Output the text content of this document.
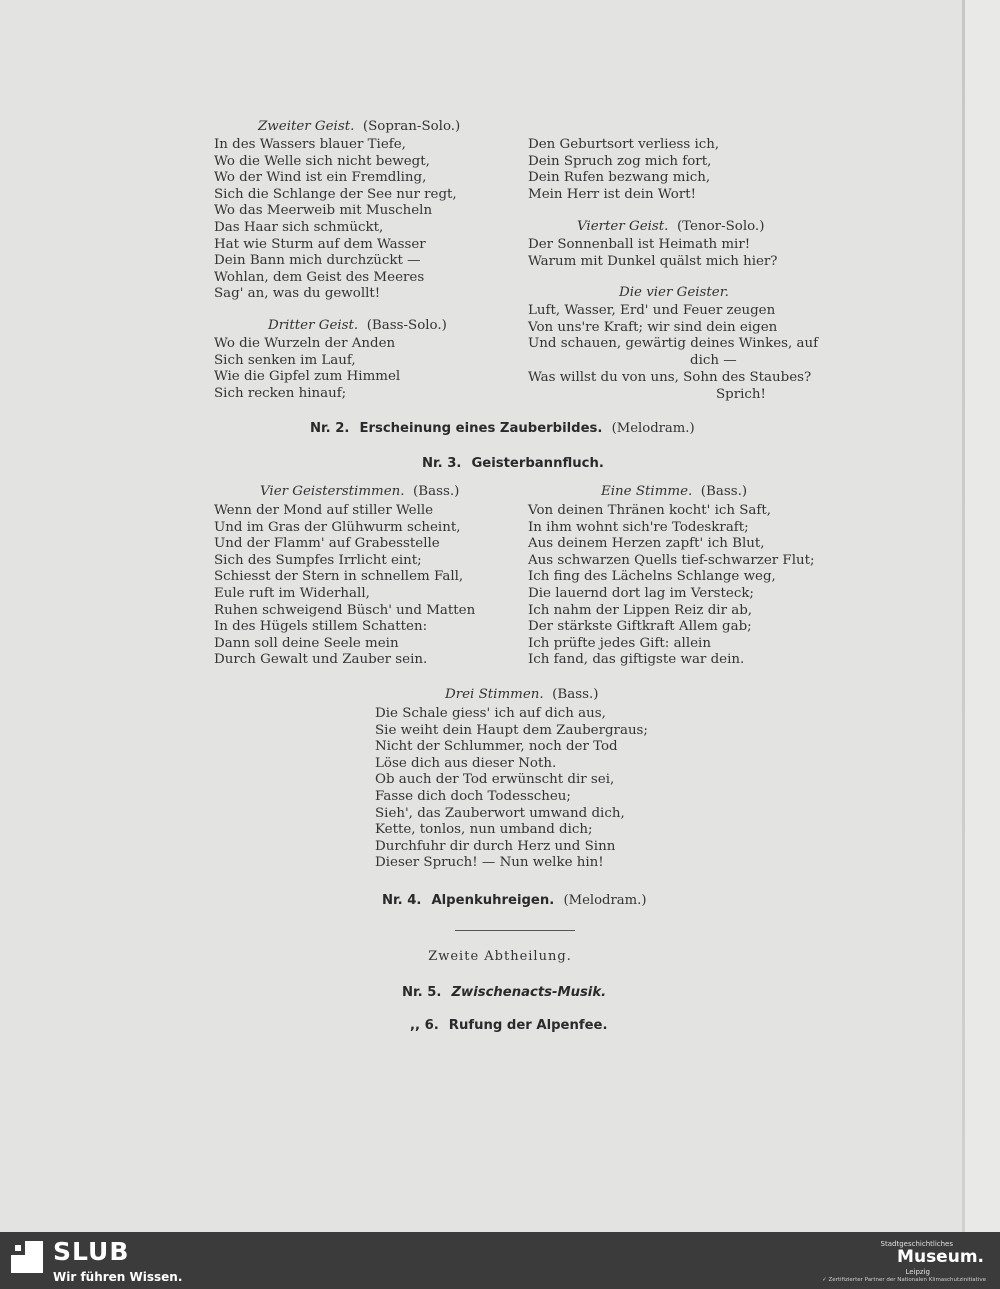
Zweiter Geist. (Sopran-Solo.)
In des Wassers blauer Tiefe,
Wo die Welle sich nicht bewegt,
Wo der Wind ist ein Fremdling,
Sich die Schlange der See nur regt,
Wo das Meerweib mit Muscheln
Das Haar sich schmückt,
Hat wie Sturm auf dem Wasser
Dein Bann mich durchzückt —
Wohlan, dem Geist des Meeres
Sag' an, was du gewollt!
Dritter Geist. (Bass-Solo.)
Wo die Wurzeln der Anden
Sich senken im Lauf,
Wie die Gipfel zum Himmel
Sich recken hinauf;
Den Geburtsort verliess ich,
Dein Spruch zog mich fort,
Dein Rufen bezwang mich,
Mein Herr ist dein Wort!
Vierter Geist. (Tenor-Solo.)
Der Sonnenball ist Heimath mir!
Warum mit Dunkel quälst mich hier?
Die vier Geister.
Luft, Wasser, Erd' und Feuer zeugen
Von uns're Kraft; wir sind dein eigen
Und schauen, gewärtig deines Winkes, auf
dich —
Was willst du von uns, Sohn des Staubes?
Sprich!
Nr. 2. Erscheinung eines Zauberbildes. (Melodram.)
Nr. 3. Geisterbannfluch.
Vier Geisterstimmen. (Bass.)
Wenn der Mond auf stiller Welle
Und im Gras der Glühwurm scheint,
Und der Flamm' auf Grabesstelle
Sich des Sumpfes Irrlicht eint;
Schiesst der Stern in schnellem Fall,
Eule ruft im Widerhall,
Ruhen schweigend Büsch' und Matten
In des Hügels stillem Schatten:
Dann soll deine Seele mein
Durch Gewalt und Zauber sein.
Eine Stimme. (Bass.)
Von deinen Thränen kocht' ich Saft,
In ihm wohnt sich're Todeskraft;
Aus deinem Herzen zapft' ich Blut,
Aus schwarzen Quells tief-schwarzer Flut;
Ich fing des Lächelns Schlange weg,
Die lauernd dort lag im Versteck;
Ich nahm der Lippen Reiz dir ab,
Der stärkste Giftkraft Allem gab;
Ich prüfte jedes Gift: allein
Ich fand, das giftigste war dein.
Drei Stimmen. (Bass.)
Die Schale giess' ich auf dich aus,
Sie weiht dein Haupt dem Zaubergraus;
Nicht der Schlummer, noch der Tod
Löse dich aus dieser Noth.
Ob auch der Tod erwünscht dir sei,
Fasse dich doch Todesscheu;
Sieh', das Zauberwort umwand dich,
Kette, tonlos, nun umband dich;
Durchfuhr dir durch Herz und Sinn
Dieser Spruch! — Nun welke hin!
Nr. 4. Alpenkuhreigen. (Melodram.)
Zweite Abtheilung.
Nr. 5. Zwischenacts-Musik.
,, 6. Rufung der Alpenfee.
SLUB
Wir führen Wissen.
Stadtgeschichtliches
Museum.
Leipzig
✓ Zertifizierter Partner der Nationalen Klimaschutzinitiative
